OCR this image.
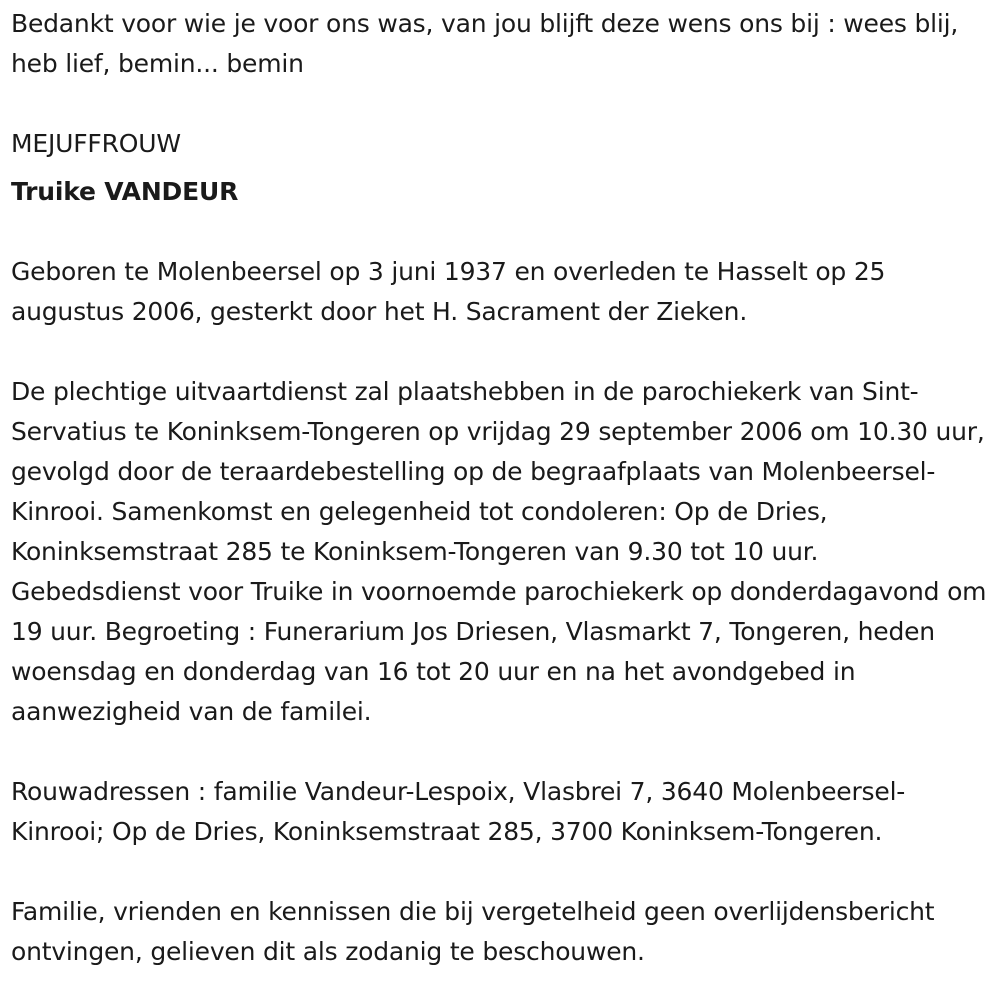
Bedankt voor wie je voor ons was, van jou blijft deze wens ons bij : wees blij, heb lief, bemin... bemin

MEJUFFROUW

Truike VANDEUR

Geboren te Molenbeersel op 3 juni 1937 en overleden te Hasselt op 25 augustus 2006, gesterkt door het H. Sacrament der Zieken.

De plechtige uitvaartdienst zal plaatshebben in de parochiekerk van Sint-Servatius te Koninksem-Tongeren op vrijdag 29 september 2006 om 10.30 uur, gevolgd door de teraardebestelling op de begraafplaats van Molenbeersel-Kinrooi. Samenkomst en gelegenheid tot condoleren: Op de Dries, Koninksemstraat 285 te Koninksem-Tongeren van 9.30 tot 10 uur. Gebedsdienst voor Truike in voornoemde parochiekerk op donderdagavond om 19 uur. Begroeting : Funerarium Jos Driesen, Vlasmarkt 7, Tongeren, heden woensdag en donderdag van 16 tot 20 uur en na het avondgebed in aanwezigheid van de familei.

Rouwadressen : familie Vandeur-Lespoix, Vlasbrei 7, 3640 Molenbeersel-Kinrooi; Op de Dries, Koninksemstraat 285, 3700 Koninksem-Tongeren.

Familie, vrienden en kennissen die bij vergetelheid geen overlijdensbericht ontvingen, gelieven dit als zodanig te beschouwen.
